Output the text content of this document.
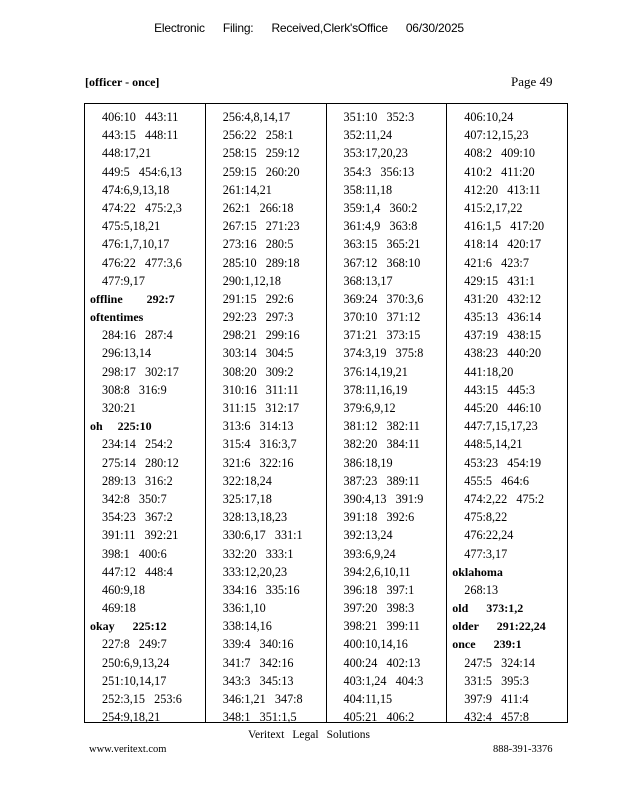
Electronic Filing: Received,Clerk'sOffice 06/30/2025
[officer - once]	Page 49
406:10   443:11
443:15   448:11
448:17,21
449:5   454:6,13
474:6,9,13,18
474:22   475:2,3
475:5,18,21
476:1,7,10,17
476:22   477:3,6
477:9,17
offline        292:7
oftentimes
284:16   287:4
296:13,14
298:17   302:17
308:8   316:9
320:21
oh     225:10
234:14   254:2
275:14   280:12
289:13   316:2
342:8   350:7
354:23   367:2
391:11   392:21
398:1   400:6
447:12   448:4
460:9,18
469:18
okay      225:12
227:8   249:7
250:6,9,13,24
251:10,14,17
252:3,15   253:6
254:9,18,21
256:4,8,14,17
256:22   258:1
258:15   259:12
259:15   260:20
261:14,21
262:1   266:18
267:15   271:23
273:16   280:5
285:10   289:18
290:1,12,18
291:15   292:6
292:23   297:3
298:21   299:16
303:14   304:5
308:20   309:2
310:16   311:11
311:15   312:17
313:6   314:13
315:4   316:3,7
321:6   322:16
322:18,24
325:17,18
328:13,18,23
330:6,17   331:1
332:20   333:1
333:12,20,23
334:16   335:16
336:1,10
338:14,16
339:4   340:16
341:7   342:16
343:3   345:13
346:1,21   347:8
348:1   351:1,5
351:10   352:3
352:11,24
353:17,20,23
354:3   356:13
358:11,18
359:1,4   360:2
361:4,9   363:8
363:15   365:21
367:12   368:10
368:13,17
369:24   370:3,6
370:10   371:12
371:21   373:15
374:3,19   375:8
376:14,19,21
378:11,16,19
379:6,9,12
381:12   382:11
382:20   384:11
386:18,19
387:23   389:11
390:4,13   391:9
391:18   392:6
392:13,24
393:6,9,24
394:2,6,10,11
396:18   397:1
397:20   398:3
398:21   399:11
400:10,14,16
400:24   402:13
403:1,24   404:3
404:11,15
405:21   406:2
406:10,24
407:12,15,23
408:2   409:10
410:2   411:20
412:20   413:11
415:2,17,22
416:1,5   417:20
418:14   420:17
421:6   423:7
429:15   431:1
431:20   432:12
435:13   436:14
437:19   438:15
438:23   440:20
441:18,20
443:15   445:3
445:20   446:10
447:7,15,17,23
448:5,14,21
453:23   454:19
455:5   464:6
474:2,22   475:2
475:8,22
476:22,24
477:3,17
oklahoma
268:13
old      373:1,2
older      291:22,24
once      239:1
247:5   324:14
331:5   395:3
397:9   411:4
432:4   457:8
Veritext Legal Solutions
www.veritext.com	888-391-3376
